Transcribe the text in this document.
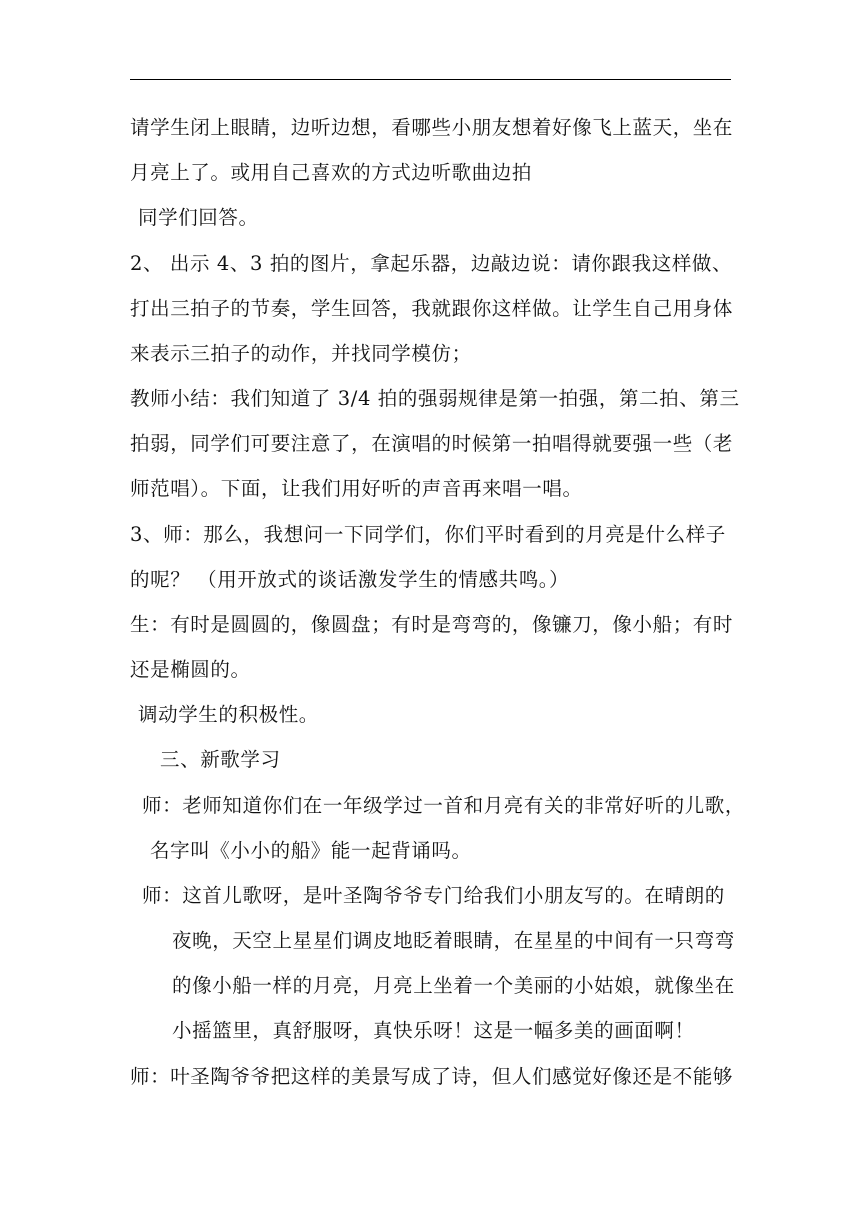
请学生闭上眼睛，边听边想，看哪些小朋友想着好像飞上蓝天，坐在
月亮上了。或用自己喜欢的方式边听歌曲边拍
同学们回答。
2、 出示 4、3 拍的图片，拿起乐器，边敲边说：请你跟我这样做、
打出三拍子的节奏，学生回答，我就跟你这样做。让学生自己用身体
来表示三拍子的动作，并找同学模仿；
教师小结：我们知道了 3/4 拍的强弱规律是第一拍强，第二拍、第三
拍弱，同学们可要注意了，在演唱的时候第一拍唱得就要强一些（老
师范唱）。下面，让我们用好听的声音再来唱一唱。
3、师：那么，我想问一下同学们，你们平时看到的月亮是什么样子
的呢？ （用开放式的谈话激发学生的情感共鸣。）
生：有时是圆圆的，像圆盘；有时是弯弯的，像镰刀，像小船；有时
还是椭圆的。
调动学生的积极性。
三、新歌学习
师：老师知道你们在一年级学过一首和月亮有关的非常好听的儿歌，
名字叫《小小的船》能一起背诵吗。
师：这首儿歌呀，是叶圣陶爷爷专门给我们小朋友写的。在晴朗的
夜晚，天空上星星们调皮地眨着眼睛，在星星的中间有一只弯弯
的像小船一样的月亮，月亮上坐着一个美丽的小姑娘，就像坐在
小摇篮里，真舒服呀，真快乐呀！这是一幅多美的画面啊！
师：叶圣陶爷爷把这样的美景写成了诗，但人们感觉好像还是不能够
